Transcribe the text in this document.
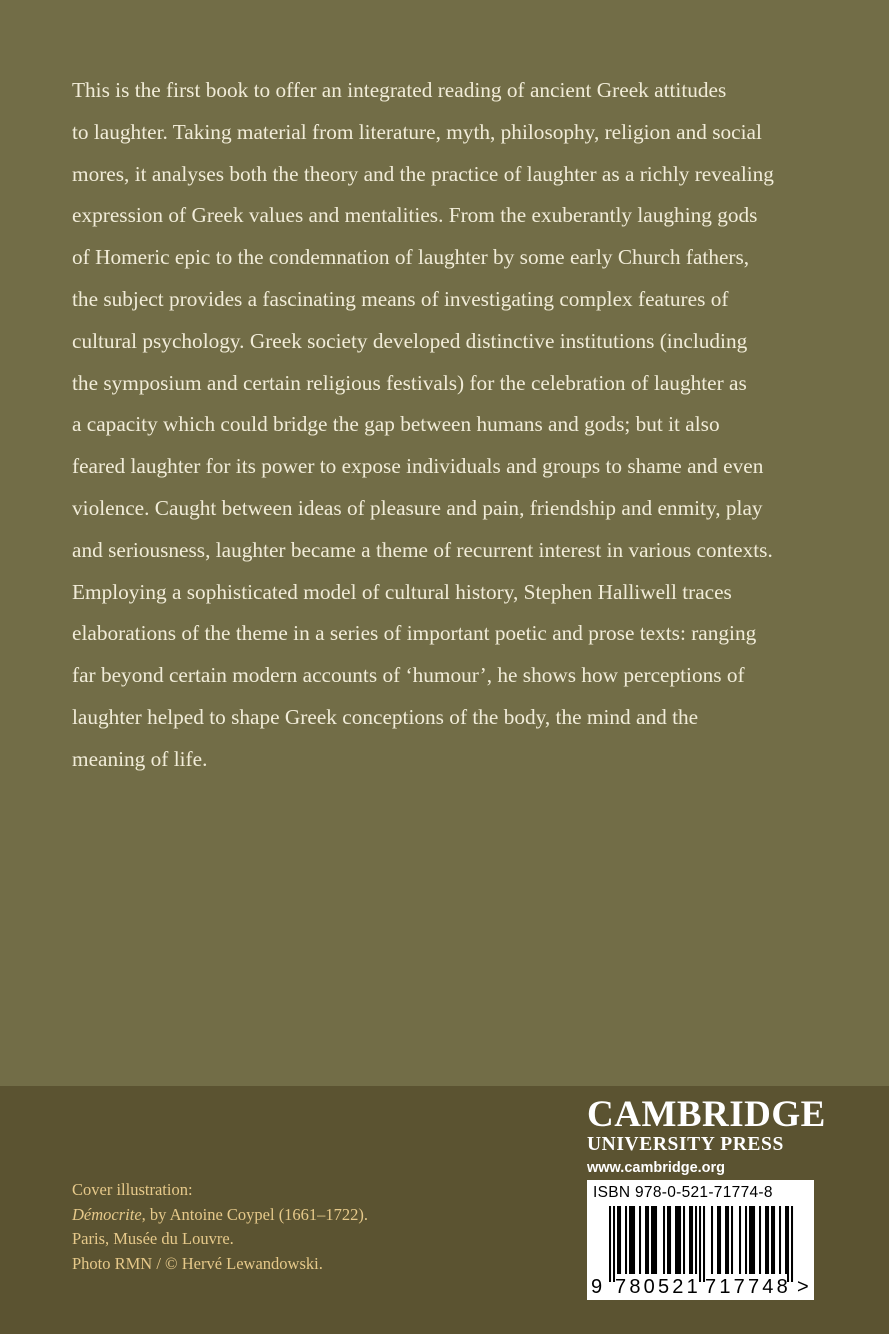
This is the first book to offer an integrated reading of ancient Greek attitudes
to laughter. Taking material from literature, myth, philosophy, religion and social
mores, it analyses both the theory and the practice of laughter as a richly revealing
expression of Greek values and mentalities. From the exuberantly laughing gods
of Homeric epic to the condemnation of laughter by some early Church fathers,
the subject provides a fascinating means of investigating complex features of
cultural psychology. Greek society developed distinctive institutions (including
the symposium and certain religious festivals) for the celebration of laughter as
a capacity which could bridge the gap between humans and gods; but it also
feared laughter for its power to expose individuals and groups to shame and even
violence. Caught between ideas of pleasure and pain, friendship and enmity, play
and seriousness, laughter became a theme of recurrent interest in various contexts.
Employing a sophisticated model of cultural history, Stephen Halliwell traces
elaborations of the theme in a series of important poetic and prose texts: ranging
far beyond certain modern accounts of ‘humour’, he shows how perceptions of
laughter helped to shape Greek conceptions of the body, the mind and the
meaning of life.

CAMBRIDGE
UNIVERSITY PRESS
www.cambridge.org
Cover illustration:
Démocrite, by Antoine Coypel (1661–1722).
Paris, Musée du Louvre.
Photo RMN / © Hervé Lewandowski.
ISBN 978-0-521-71774-8
9 780521 717748 >
